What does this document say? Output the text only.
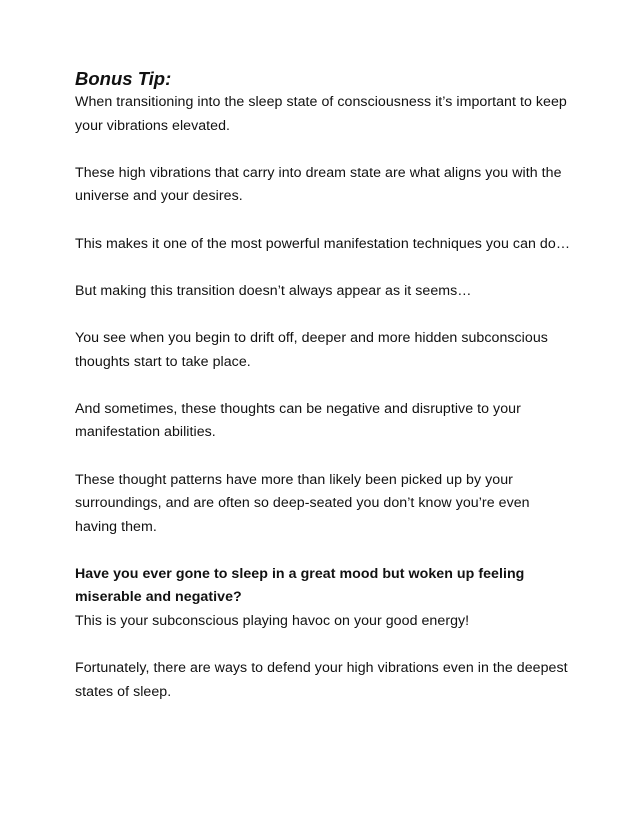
Bonus Tip:

When transitioning into the sleep state of consciousness it’s important to keep your vibrations elevated.

These high vibrations that carry into dream state are what aligns you with the universe and your desires.

This makes it one of the most powerful manifestation techniques you can do…

But making this transition doesn’t always appear as it seems…

You see when you begin to drift off, deeper and more hidden subconscious thoughts start to take place.

And sometimes, these thoughts can be negative and disruptive to your manifestation abilities.

These thought patterns have more than likely been picked up by your surroundings, and are often so deep-seated you don’t know you’re even having them.

Have you ever gone to sleep in a great mood but woken up feeling miserable and negative?

This is your subconscious playing havoc on your good energy!

Fortunately, there are ways to defend your high vibrations even in the deepest states of sleep.
